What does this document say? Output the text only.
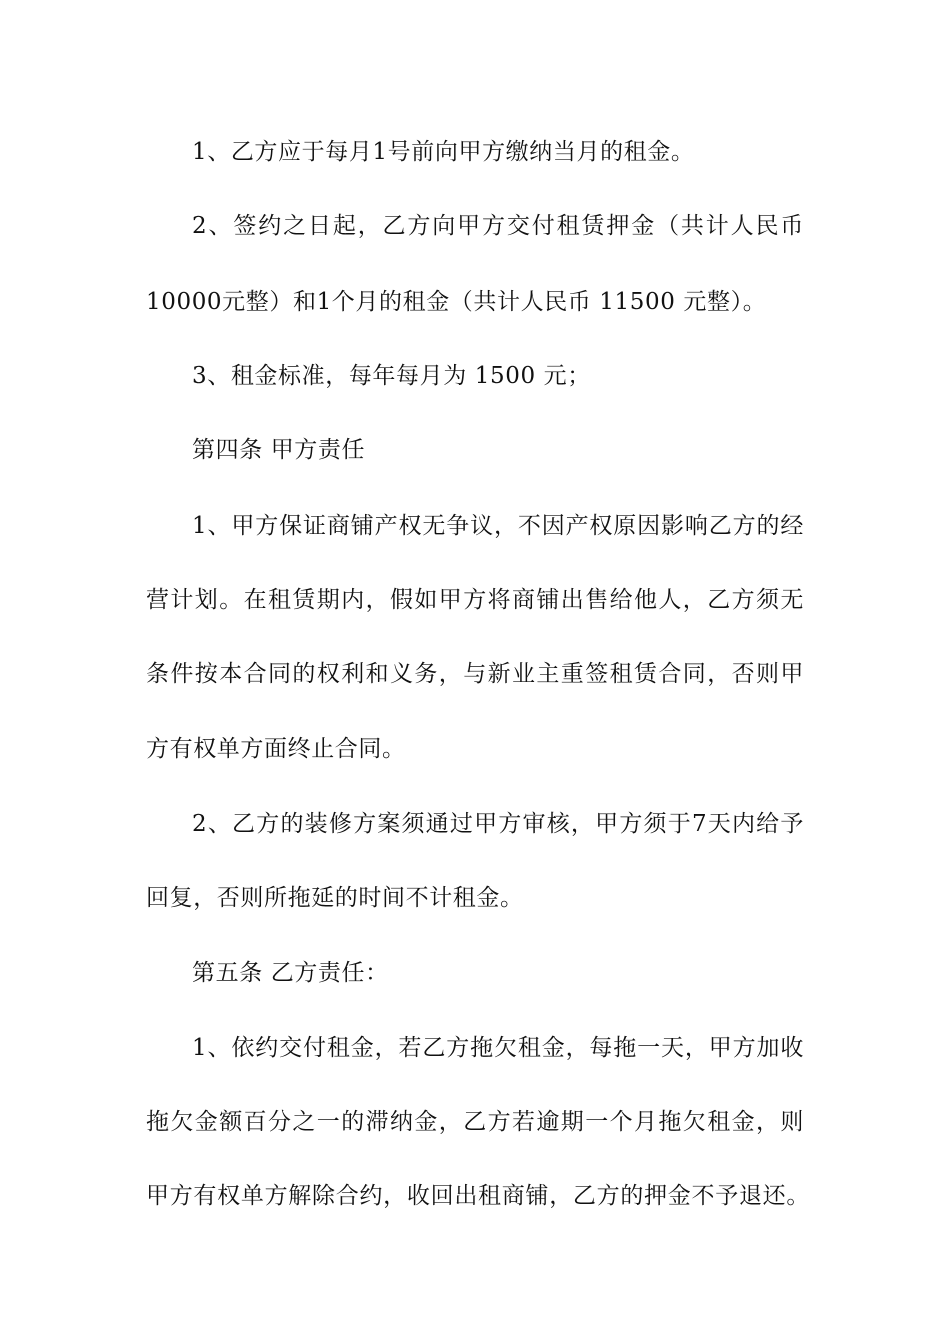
1、乙方应于每月1号前向甲方缴纳当月的租金。
2、签约之日起，乙方向甲方交付租赁押金（共计人民币
10000元整）和1个月的租金（共计人民币 11500 元整）。
3、租金标准，每年每月为 1500 元；
第四条 甲方责任
1、甲方保证商铺产权无争议，不因产权原因影响乙方的经
营计划。在租赁期内，假如甲方将商铺出售给他人，乙方须无
条件按本合同的权利和义务，与新业主重签租赁合同，否则甲
方有权单方面终止合同。
2、乙方的装修方案须通过甲方审核，甲方须于7天内给予
回复，否则所拖延的时间不计租金。
第五条 乙方责任：
1、依约交付租金，若乙方拖欠租金，每拖一天，甲方加收
拖欠金额百分之一的滞纳金，乙方若逾期一个月拖欠租金，则
甲方有权单方解除合约，收回出租商铺，乙方的押金不予退还。
